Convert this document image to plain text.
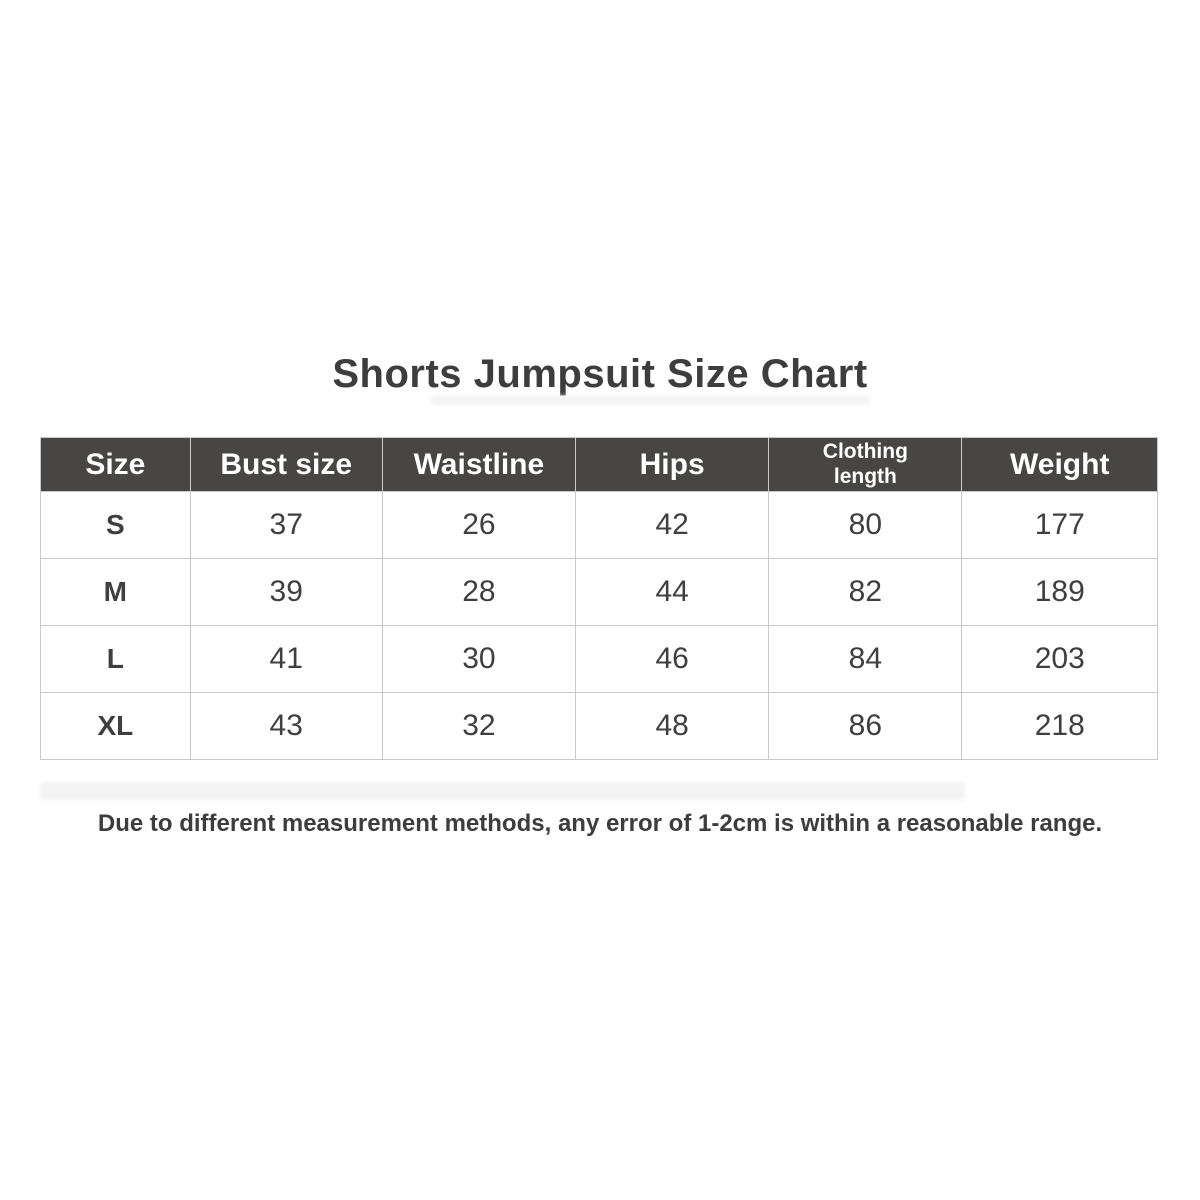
Shorts Jumpsuit Size Chart
Size	Bust size	Waistline	Hips	Clothing length	Weight
S	37	26	42	80	177
M	39	28	44	82	189
L	41	30	46	84	203
XL	43	32	48	86	218
Due to different measurement methods, any error of 1-2cm is within a reasonable range.
